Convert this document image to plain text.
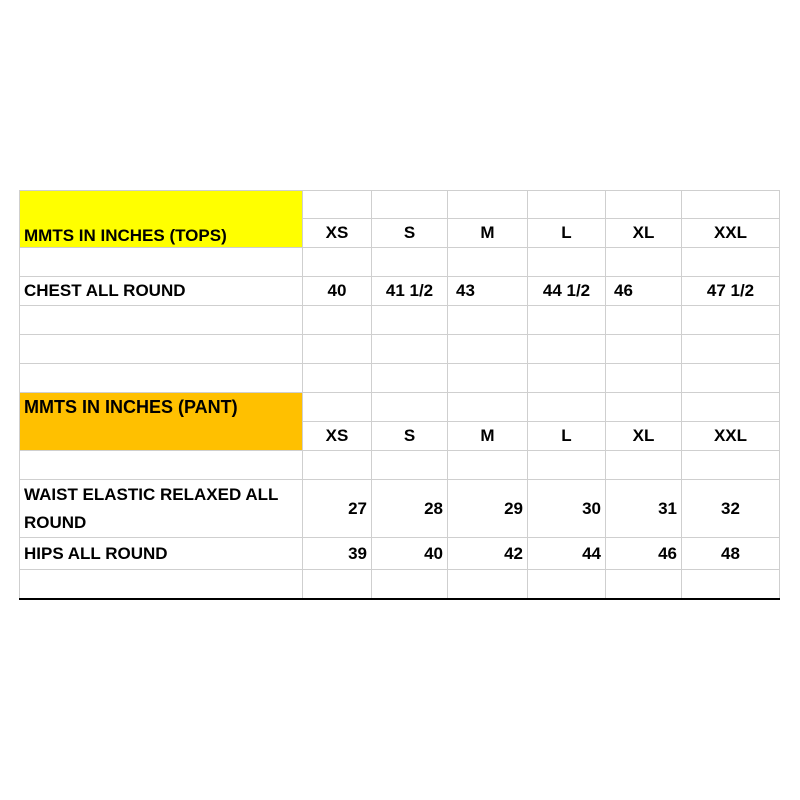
MMTS IN INCHES (TOPS)						
	XS	S	M	L	XL	XXL

CHEST ALL ROUND	40	41 1/2	43	44 1/2	46	47 1/2

MMTS IN INCHES (PANT)						
	XS	S	M	L	XL	XXL

WAIST ELASTIC RELAXED ALL ROUND	27	28	29	30	31	32
HIPS ALL ROUND	39	40	42	44	46	48
